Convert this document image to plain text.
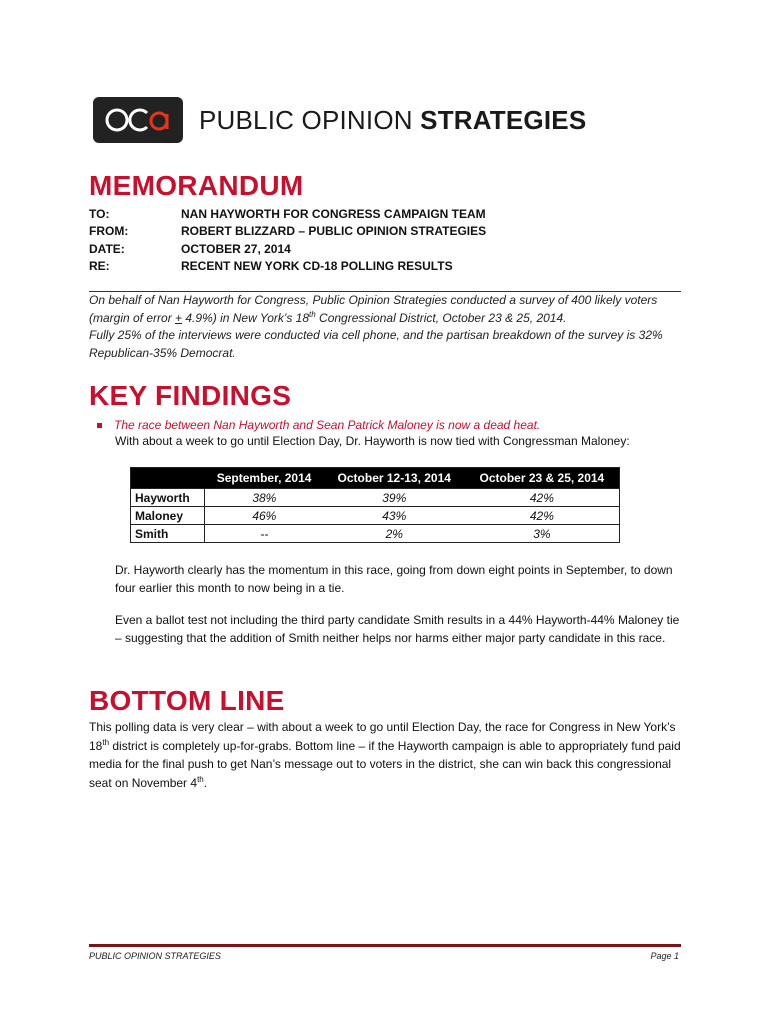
PUBLIC OPINION STRATEGIES
MEMORANDUM
TO:	NAN HAYWORTH FOR CONGRESS CAMPAIGN TEAM
FROM:	ROBERT BLIZZARD – PUBLIC OPINION STRATEGIES
DATE:	OCTOBER 27, 2014
RE:	RECENT NEW YORK CD-18 POLLING RESULTS

On behalf of Nan Hayworth for Congress, Public Opinion Strategies conducted a survey of 400 likely voters (margin of error + 4.9%) in New York’s 18th Congressional District, October 23 & 25, 2014.

Fully 25% of the interviews were conducted via cell phone, and the partisan breakdown of the survey is 32% Republican-35% Democrat.

KEY FINDINGS
The race between Nan Hayworth and Sean Patrick Maloney is now a dead heat.
With about a week to go until Election Day, Dr. Hayworth is now tied with Congressman Maloney:
	September, 2014	October 12-13, 2014	October 23 & 25, 2014
Hayworth	38%	39%	42%
Maloney	46%	43%	42%
Smith	--	2%	3%

Dr. Hayworth clearly has the momentum in this race, going from down eight points in September, to down four earlier this month to now being in a tie.

Even a ballot test not including the third party candidate Smith results in a 44% Hayworth-44% Maloney tie – suggesting that the addition of Smith neither helps nor harms either major party candidate in this race.

BOTTOM LINE

This polling data is very clear – with about a week to go until Election Day, the race for Congress in New York’s 18th district is completely up-for-grabs. Bottom line – if the Hayworth campaign is able to appropriately fund paid media for the final push to get Nan’s message out to voters in the district, she can win back this congressional seat on November 4th.

PUBLIC OPINION STRATEGIES	Page 1
